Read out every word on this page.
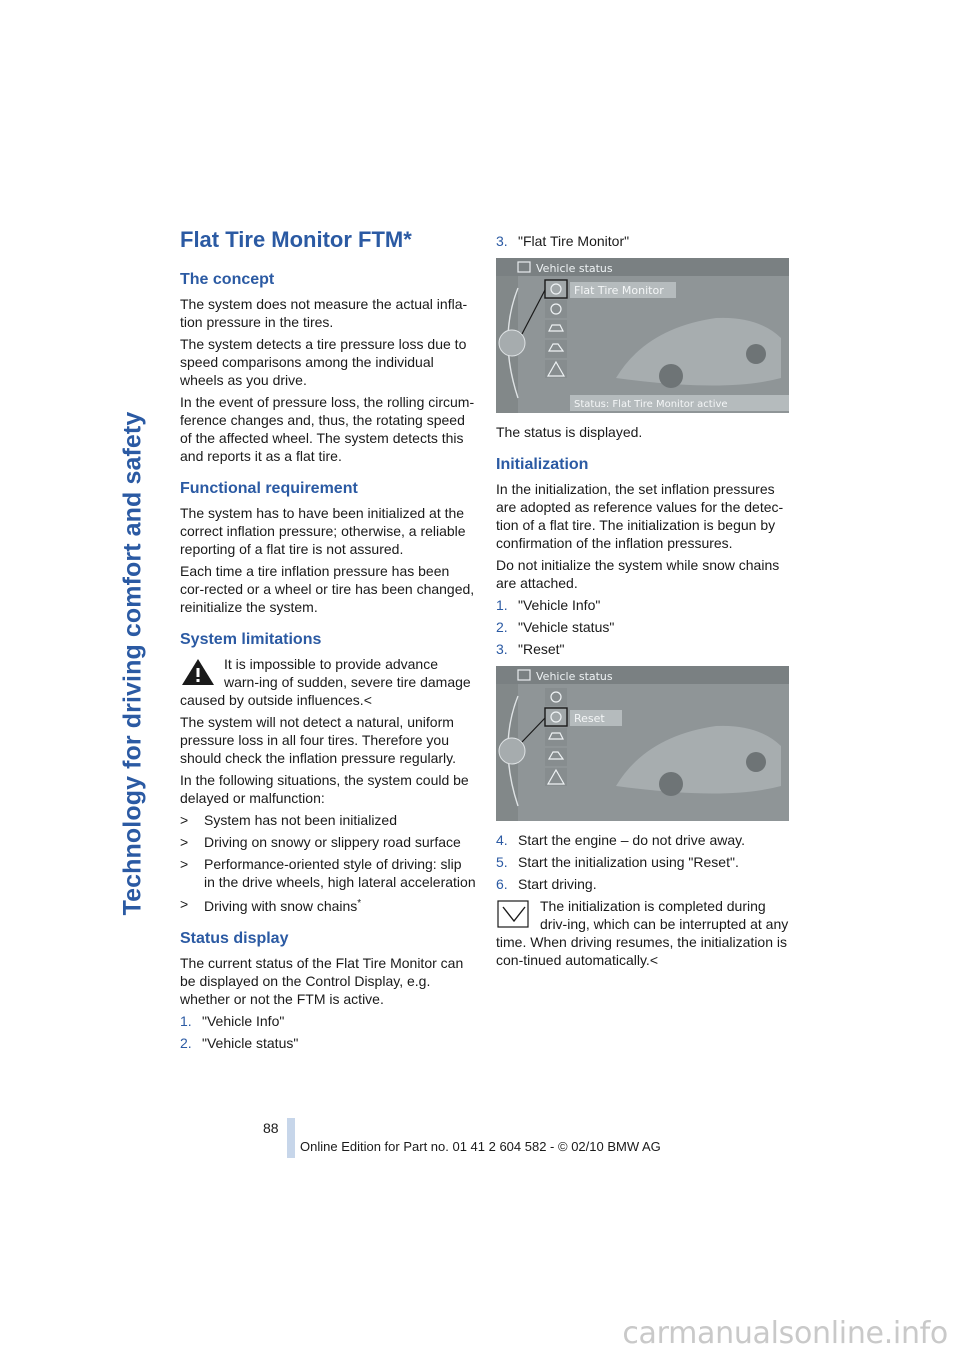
Technology for driving comfort and safety
Flat Tire Monitor FTM*
The concept

The system does not measure the actual infla-tion pressure in the tires.

The system detects a tire pressure loss due to speed comparisons among the individual wheels as you drive.

In the event of pressure loss, the rolling circum-ference changes and, thus, the rotating speed of the affected wheel. The system detects this and reports it as a flat tire.

Functional requirement

The system has to have been initialized at the correct inflation pressure; otherwise, a reliable reporting of a flat tire is not assured.

Each time a tire inflation pressure has been cor-rected or a wheel or tire has been changed, reinitialize the system.

System limitations
It is impossible to provide advance warn-ing of sudden, severe tire damage caused by outside influences.<

The system will not detect a natural, uniform pressure loss in all four tires. Therefore you should check the inflation pressure regularly.

In the following situations, the system could be delayed or malfunction:

> System has not been initialized
> Driving on snowy or slippery road surface
> Performance-oriented style of driving: slip in the drive wheels, high lateral acceleration
> Driving with snow chains*
Status display

The current status of the Flat Tire Monitor can be displayed on the Control Display, e.g. whether or not the FTM is active.

1. "Vehicle Info"
2. "Vehicle status"
3. "Flat Tire Monitor"
Vehicle status
Flat Tire Monitor
Status: Flat Tire Monitor active

The status is displayed.

Initialization

In the initialization, the set inflation pressures are adopted as reference values for the detec-tion of a flat tire. The initialization is begun by confirmation of the inflation pressures.

Do not initialize the system while snow chains are attached.

1. "Vehicle Info"
2. "Vehicle status"
3. "Reset"
Vehicle status
Reset
4. Start the engine – do not drive away.
5. Start the initialization using "Reset".
6. Start driving.
The initialization is completed during driv-ing, which can be interrupted at any time. When driving resumes, the initialization is con-tinued automatically.<
88
Online Edition for Part no. 01 41 2 604 582 - © 02/10 BMW AG
carmanualsonline.info
